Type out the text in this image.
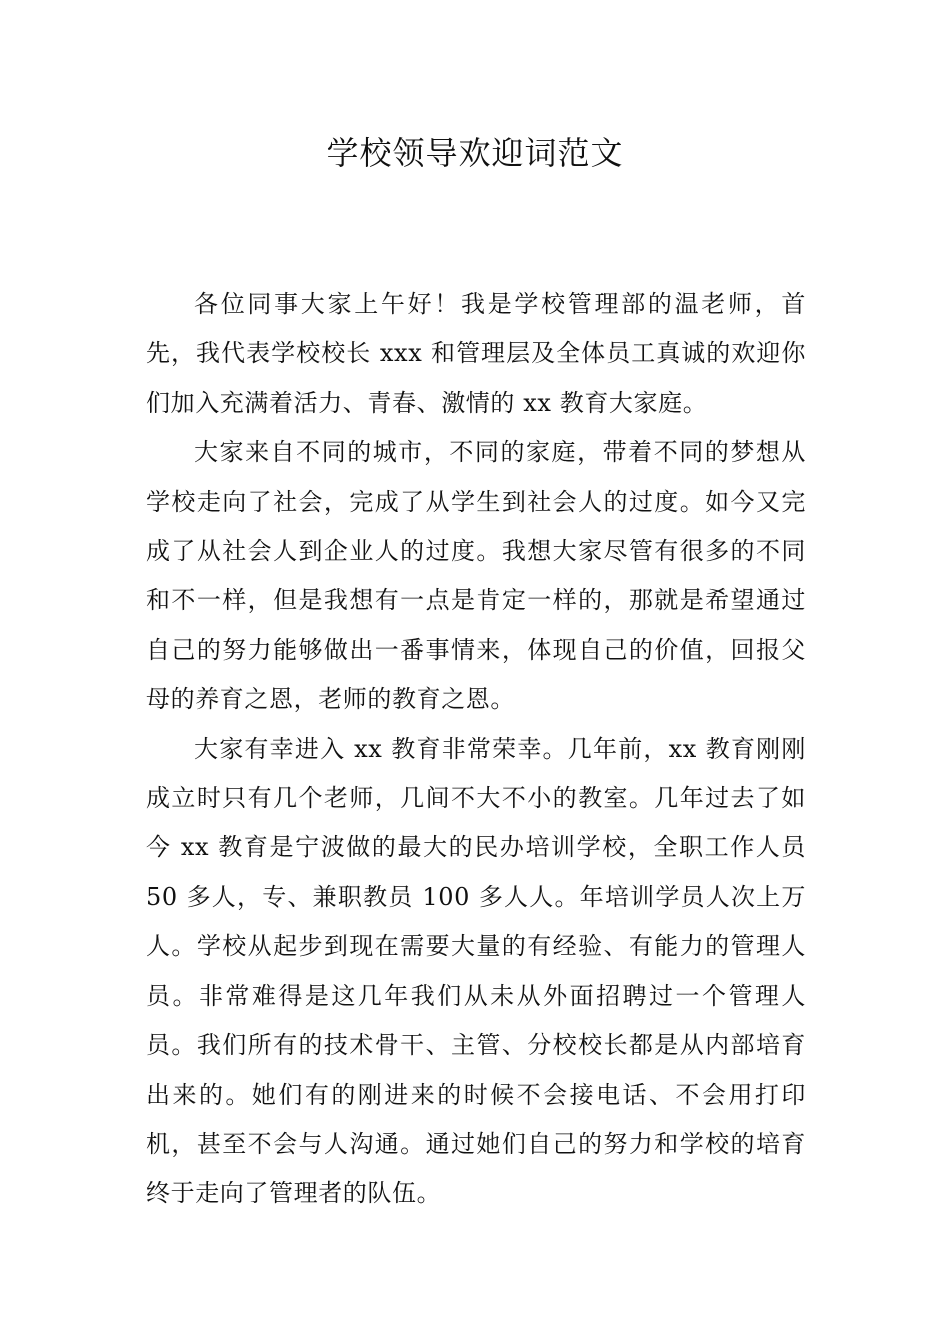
学校领导欢迎词范文

各位同事大家上午好！我是学校管理部的温老师，首先，我代表学校校长 xxx 和管理层及全体员工真诚的欢迎你们加入充满着活力、青春、激情的 xx 教育大家庭。

大家来自不同的城市，不同的家庭，带着不同的梦想从学校走向了社会，完成了从学生到社会人的过度。如今又完成了从社会人到企业人的过度。我想大家尽管有很多的不同和不一样，但是我想有一点是肯定一样的，那就是希望通过自己的努力能够做出一番事情来，体现自己的价值，回报父母的养育之恩，老师的教育之恩。

大家有幸进入 xx 教育非常荣幸。几年前，xx 教育刚刚成立时只有几个老师，几间不大不小的教室。几年过去了如今 xx 教育是宁波做的最大的民办培训学校，全职工作人员 50 多人，专、兼职教员 100 多人人。年培训学员人次上万人。学校从起步到现在需要大量的有经验、有能力的管理人员。非常难得是这几年我们从未从外面招聘过一个管理人员。我们所有的技术骨干、主管、分校校长都是从内部培育出来的。她们有的刚进来的时候不会接电话、不会用打印机，甚至不会与人沟通。通过她们自己的努力和学校的培育终于走向了管理者的队伍。
